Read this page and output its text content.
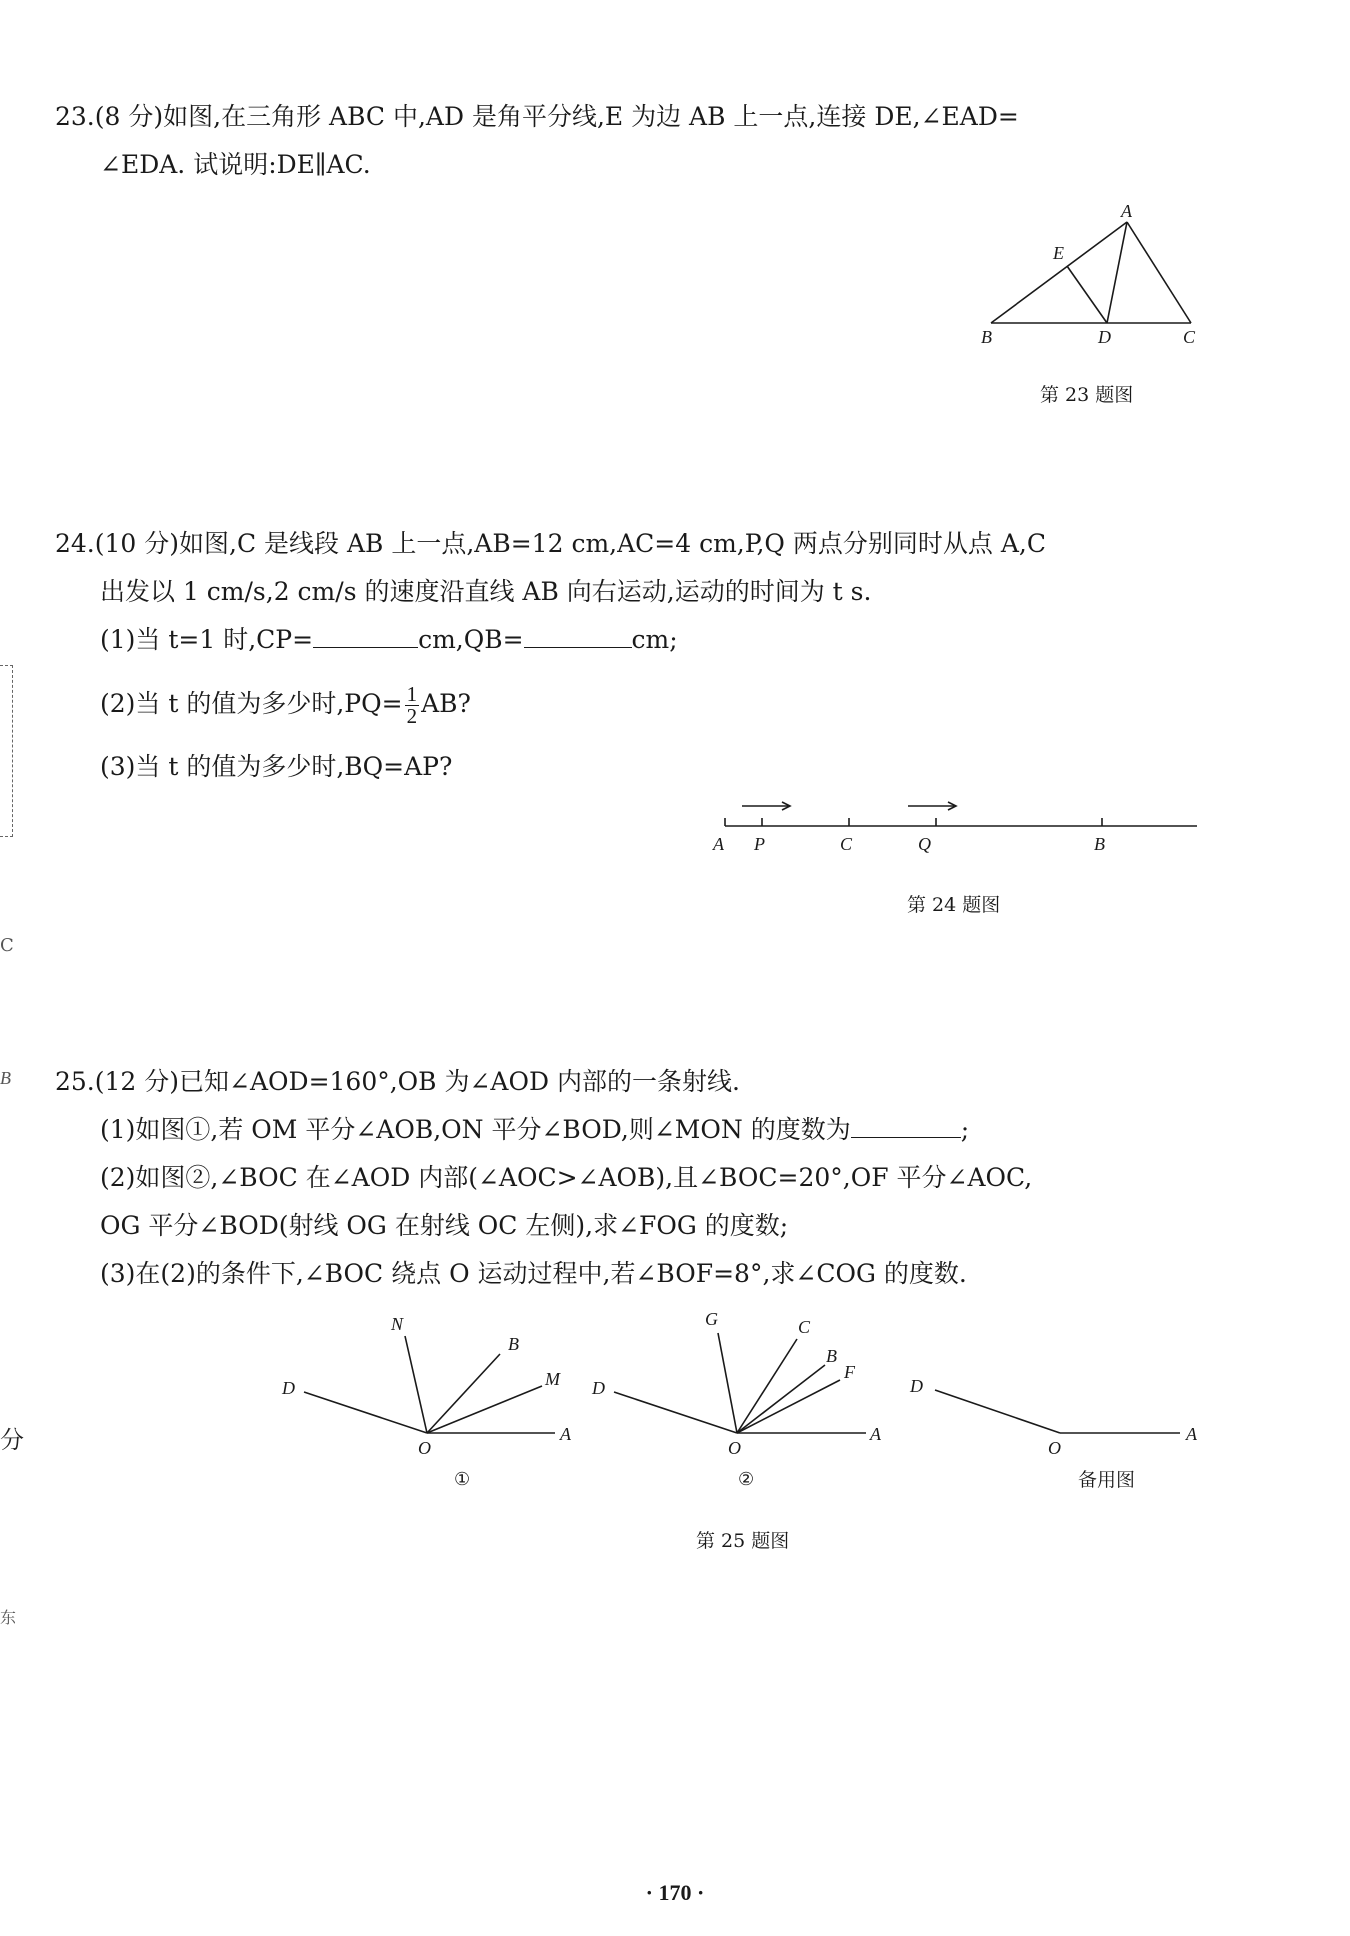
C
B
分
东
23.(8 分)如图,在三角形 ABC 中,AD 是角平分线,E 为边 AB 上一点,连接 DE,∠EAD=
∠EDA. 试说明:DE∥AC.
A
E
B	D	C
第 23 题图
24.(10 分)如图,C 是线段 AB 上一点,AB=12 cm,AC=4 cm,P,Q 两点分别同时从点 A,C
出发以 1 cm/s,2 cm/s 的速度沿直线 AB 向右运动,运动的时间为 t s.
(1)当 t=1 时,CP=	cm,QB=	cm;
(2)当 t 的值为多少时$,PQ= \frac{1}{2}$ AB?
(3)当 t 的值为多少时,BQ=AP?
A P	C	Q	B
第 24 题图
25.(12 分)已知∠AOD=160°,OB 为∠AOD 内部的一条射线.
(1)如图①,若 OM 平分∠AOB,ON 平分∠BOD,则∠MON 的度数为	;
(2)如图②,∠BOC 在∠AOD 内部(∠AOC>∠AOB),且∠BOC=20°,OF 平分∠AOC,
OG 平分∠BOD(射线 OG 在射线 OC 左侧),求∠FOG 的度数;
(3)在(2)的条件下,∠BOC 绕点 O 运动过程中,若∠BOF=8°,求∠COG 的度数.
N
B
M
D
O
A
①
G	C
B
F
D
O
A
②
D
O
A
备用图
第 25 题图
· 170 ·
